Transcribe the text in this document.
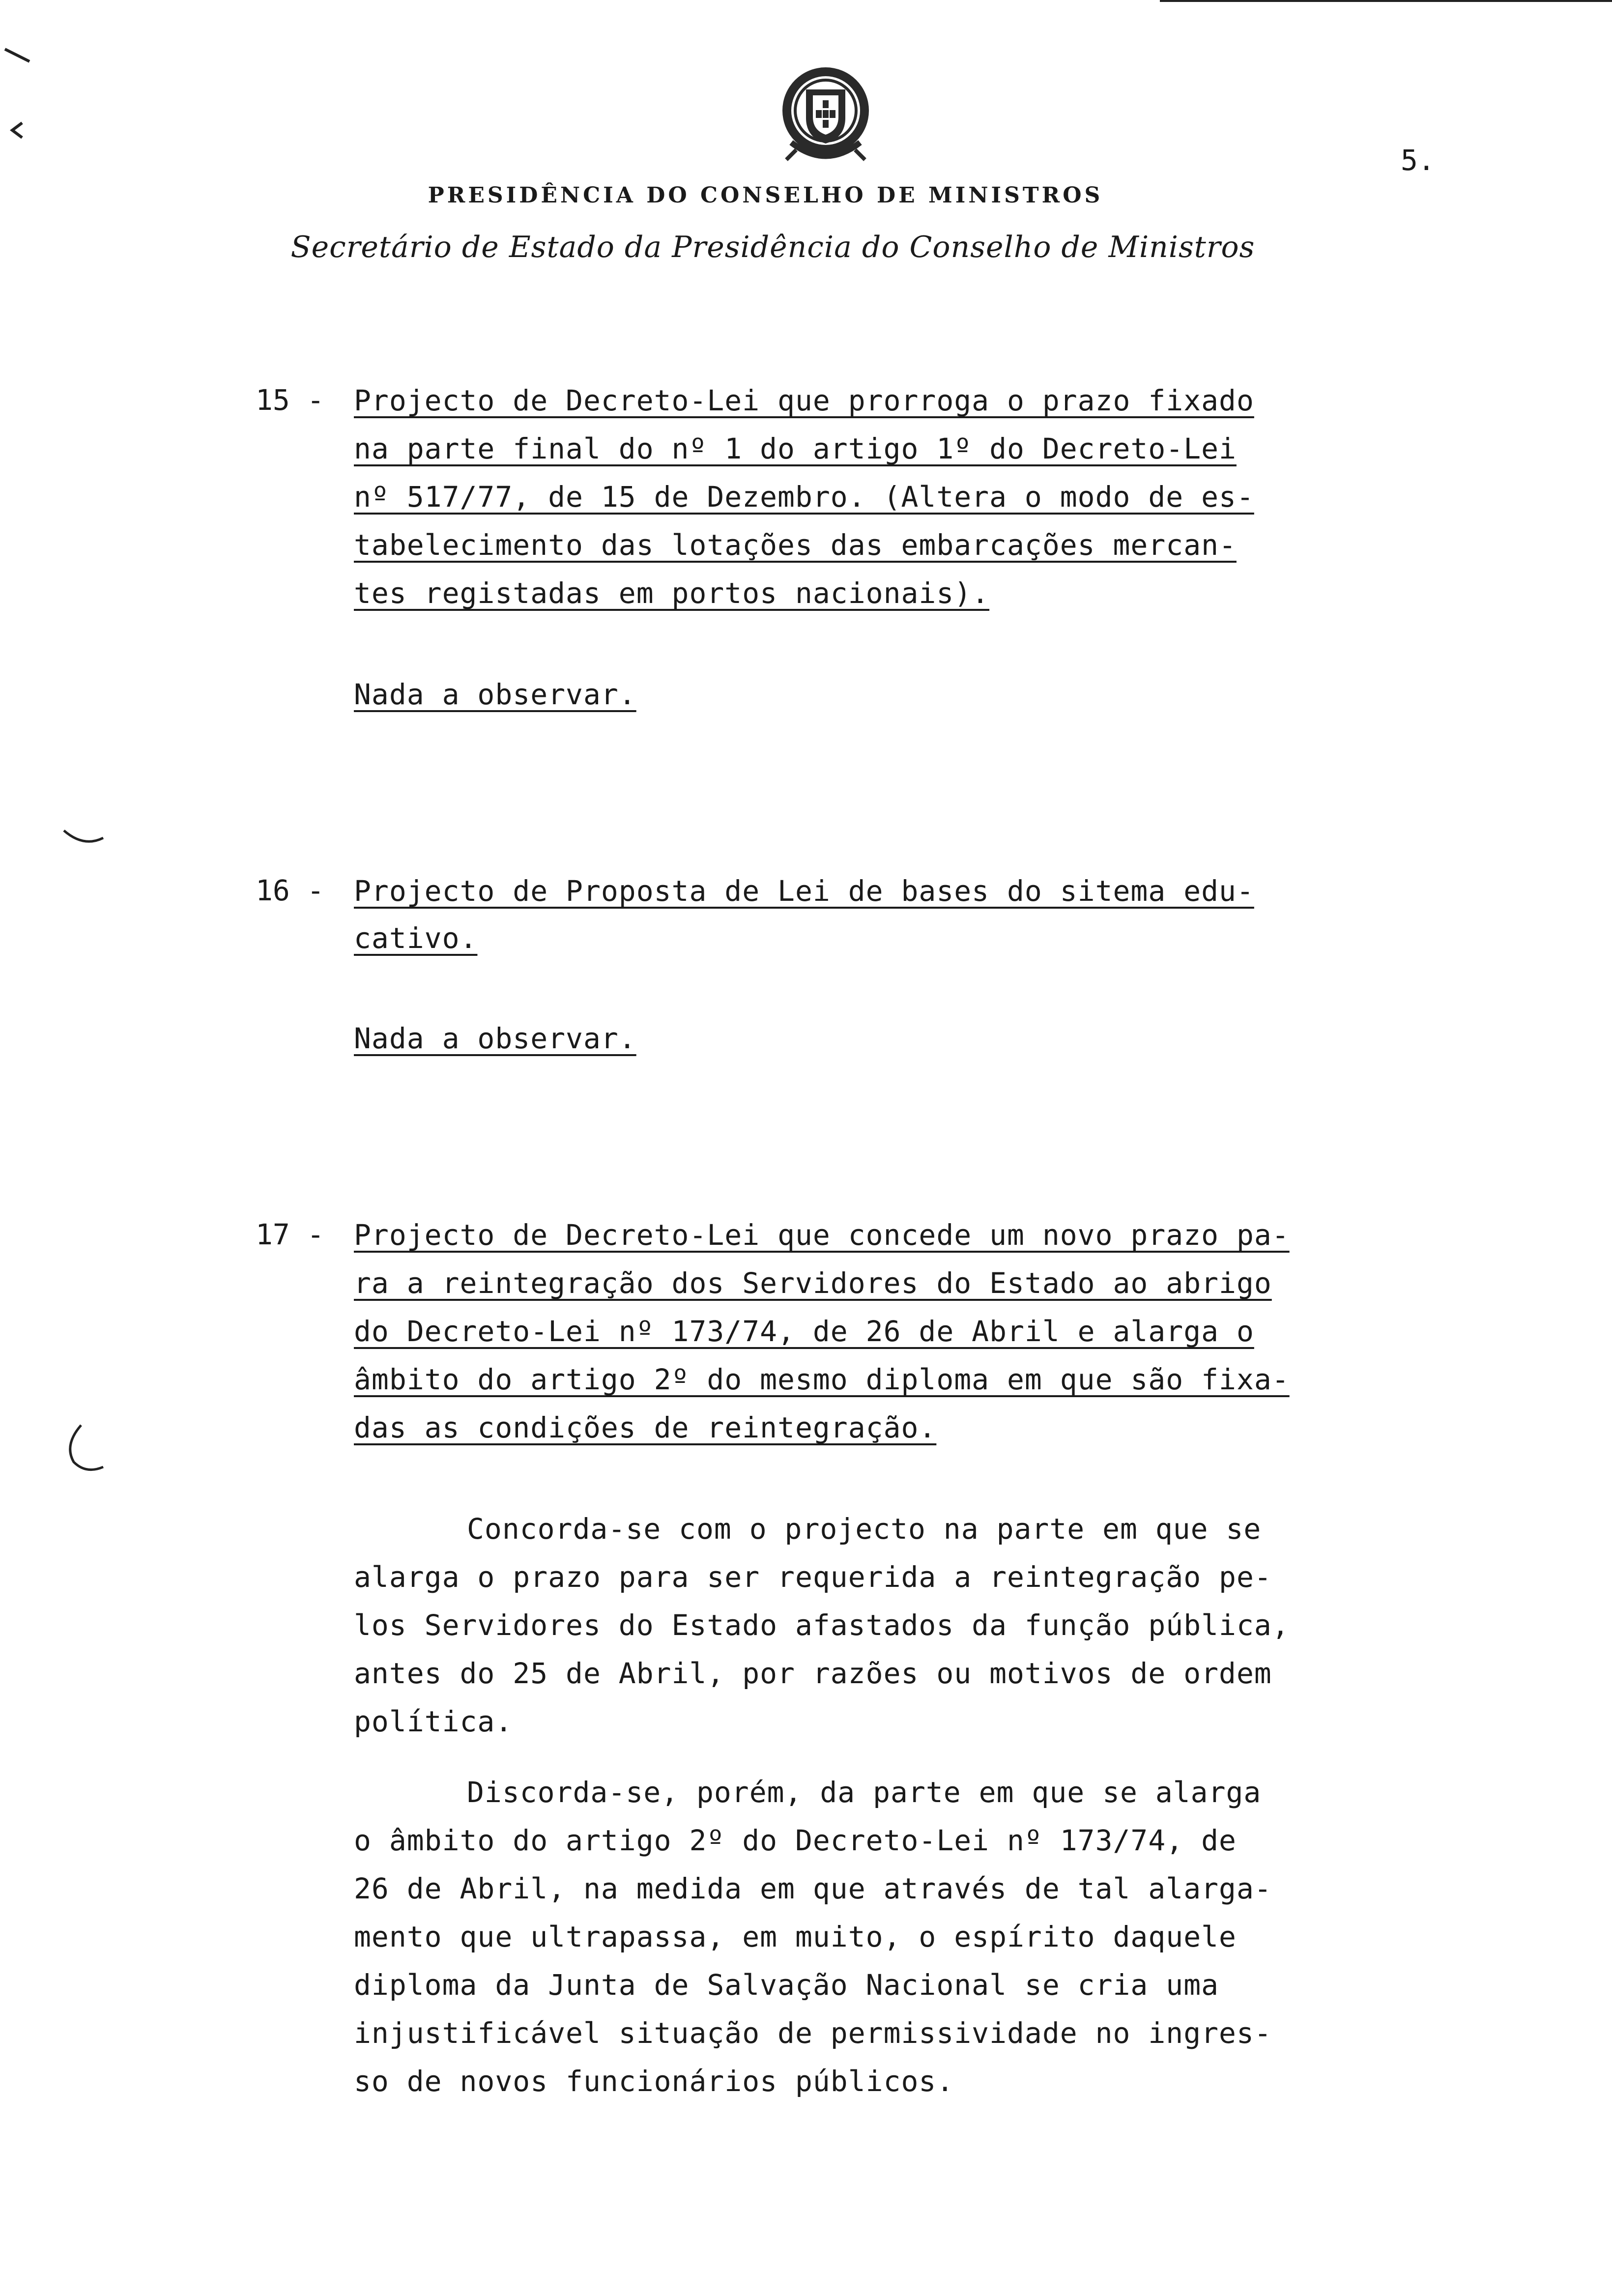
5.
PRESIDÊNCIA DO CONSELHO DE MINISTROS
Secretário de Estado da Presidência do Conselho de Ministros
15 - Projecto de Decreto-Lei que prorroga o prazo fixado
na parte final do nº 1 do artigo 1º do Decreto-Lei
nº 517/77, de 15 de Dezembro. (Altera o modo de es-
tabelecimento das lotações das embarcações mercan-
tes registadas em portos nacionais).
Nada a observar.
16 - Projecto de Proposta de Lei de bases do sitema edu-
cativo.
Nada a observar.
17 - Projecto de Decreto-Lei que concede um novo prazo pa-
ra a reintegração dos Servidores do Estado ao abrigo
do Decreto-Lei nº 173/74, de 26 de Abril e alarga o
âmbito do artigo 2º do mesmo diploma em que são fixa-
das as condições de reintegração.
Concorda-se com o projecto na parte em que se
alarga o prazo para ser requerida a reintegração pe-
los Servidores do Estado afastados da função pública,
antes do 25 de Abril, por razões ou motivos de ordem
política.
Discorda-se, porém, da parte em que se alarga
o âmbito do artigo 2º do Decreto-Lei nº 173/74, de
26 de Abril, na medida em que através de tal alarga-
mento que ultrapassa, em muito, o espírito daquele
diploma da Junta de Salvação Nacional se cria uma
injustificável situação de permissividade no ingres-
so de novos funcionários públicos.
